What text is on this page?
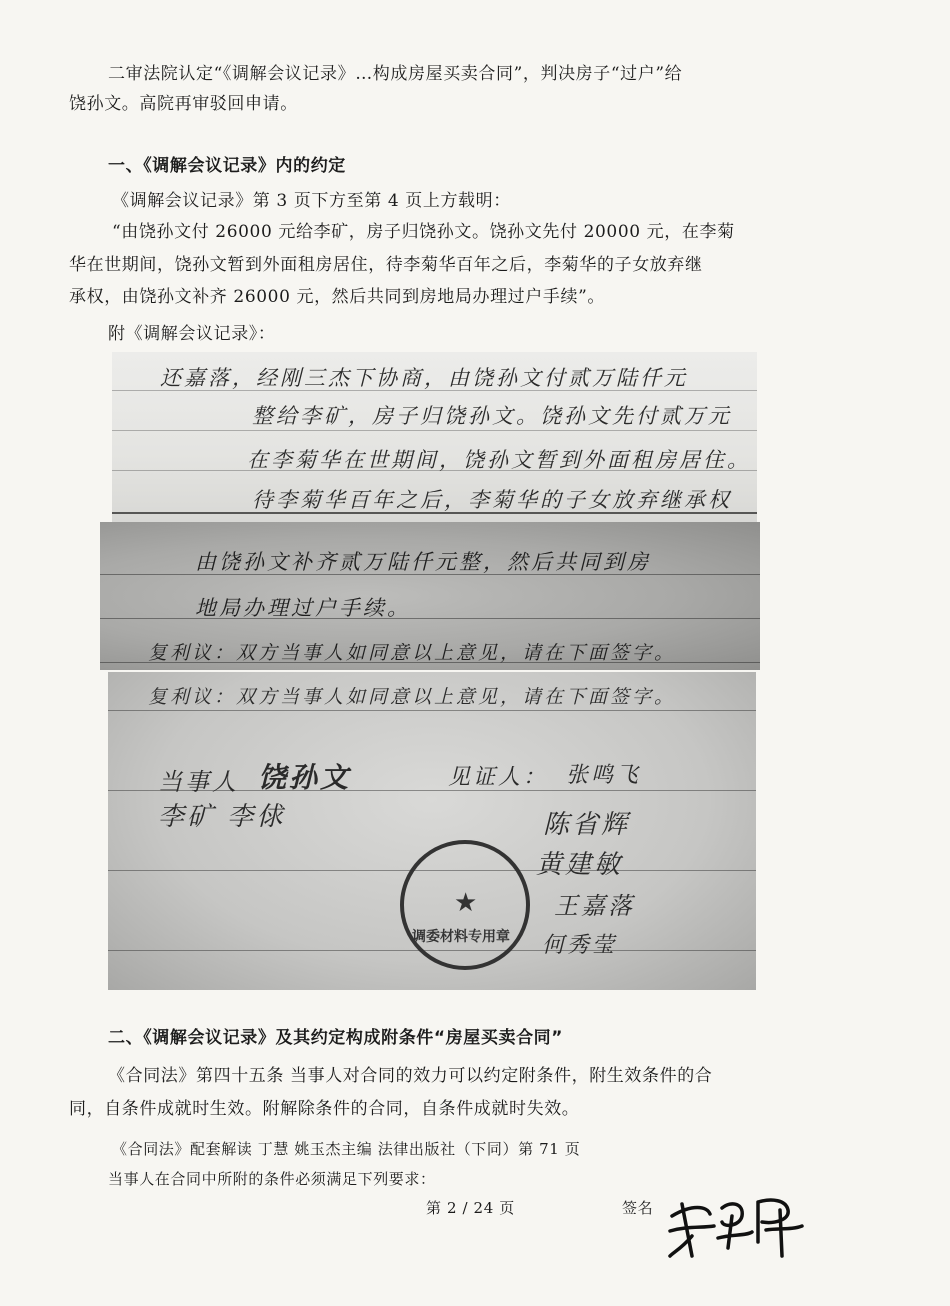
二审法院认定“《调解会议记录》…构成房屋买卖合同”，判决房子“过户”给
饶孙文。高院再审驳回申请。
一、《调解会议记录》内的约定
《调解会议记录》第 3 页下方至第 4 页上方载明：
“由饶孙文付 26000 元给李矿，房子归饶孙文。饶孙文先付 20000 元，在李菊
华在世期间，饶孙文暂到外面租房居住，待李菊华百年之后，李菊华的子女放弃继
承权，由饶孙文补齐 26000 元，然后共同到房地局办理过户手续”。
附《调解会议记录》：
还嘉落，经刚三杰下协商，由饶孙文付贰万陆仟元
整给李矿，房子归饶孙文。饶孙文先付贰万元
在李菊华在世期间，饶孙文暂到外面租房居住。
待李菊华百年之后，李菊华的子女放弃继承权
由饶孙文补齐贰万陆仟元整，然后共同到房
地局办理过户手续。
复利议：双方当事人如同意以上意见，请在下面签字。
复利议：双方当事人如同意以上意见，请在下面签字。
当事人 饶孙文
李矿 李俅
见证人： 张鸣飞
陈省辉
黄建敏
王嘉落
何秀莹
★
调委材料专用章
二、《调解会议记录》及其约定构成附条件“房屋买卖合同”
《合同法》第四十五条 当事人对合同的效力可以约定附条件，附生效条件的合
同，自条件成就时生效。附解除条件的合同，自条件成就时失效。
《合同法》配套解读 丁慧 姚玉杰主编 法律出版社（下同）第 71 页
当事人在合同中所附的条件必须满足下列要求：
第 2 / 24 页	签名
